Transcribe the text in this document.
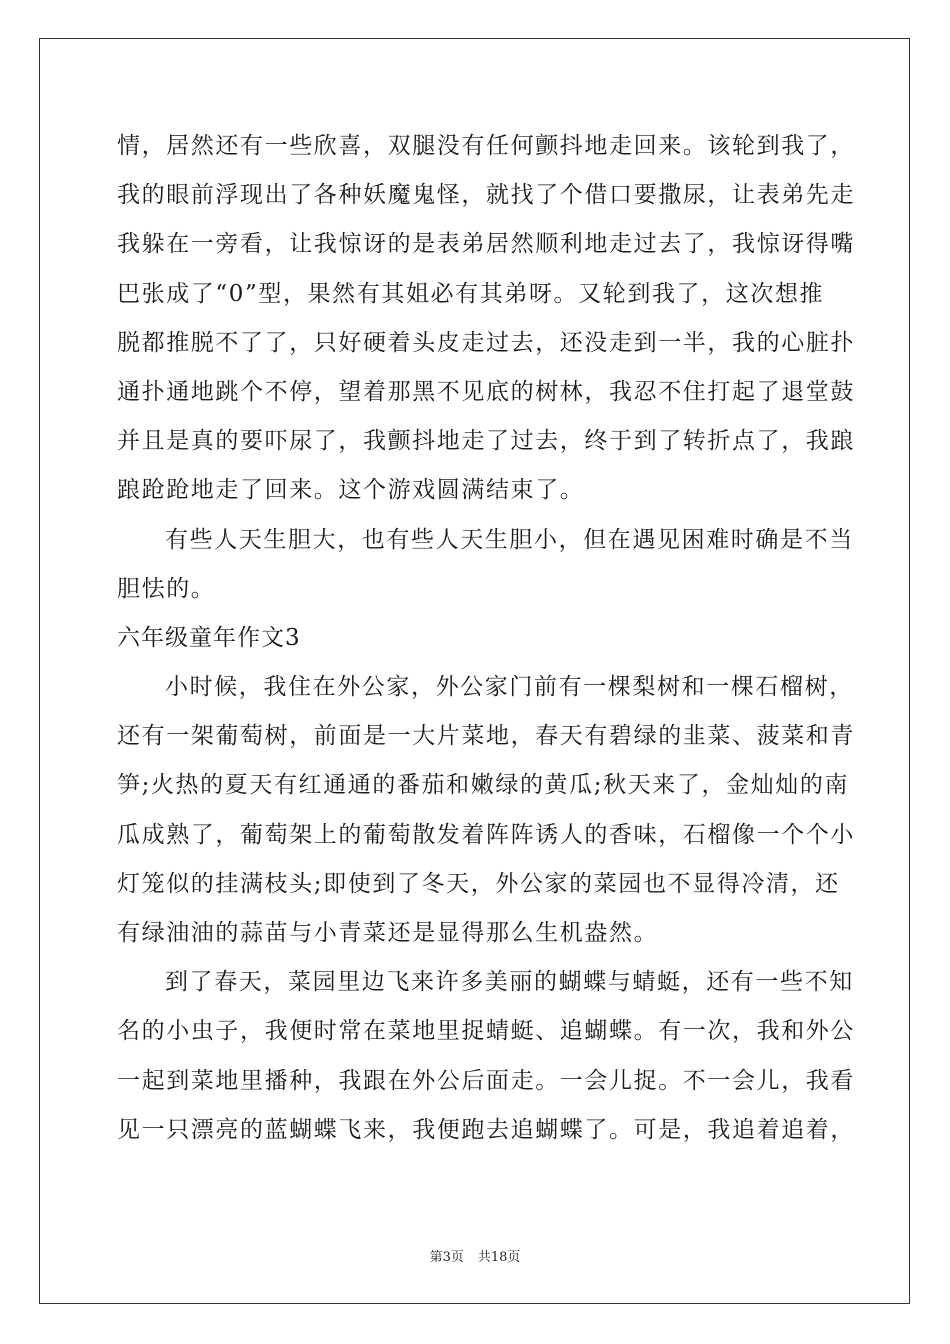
情，居然还有一些欣喜，双腿没有任何颤抖地走回来。该轮到我了，
我的眼前浮现出了各种妖魔鬼怪，就找了个借口要撒尿，让表弟先走
我躲在一旁看，让我惊讶的是表弟居然顺利地走过去了，我惊讶得嘴
巴张成了“0”型，果然有其姐必有其弟呀。又轮到我了，这次想推
脱都推脱不了了，只好硬着头皮走过去，还没走到一半，我的心脏扑
通扑通地跳个不停，望着那黑不见底的树林，我忍不住打起了退堂鼓
并且是真的要吓尿了，我颤抖地走了过去，终于到了转折点了，我踉
踉跄跄地走了回来。这个游戏圆满结束了。
有些人天生胆大，也有些人天生胆小，但在遇见困难时确是不当
胆怯的。
六年级童年作文3
小时候，我住在外公家，外公家门前有一棵梨树和一棵石榴树，
还有一架葡萄树，前面是一大片菜地，春天有碧绿的韭菜、菠菜和青
笋;火热的夏天有红通通的番茄和嫩绿的黄瓜;秋天来了，金灿灿的南
瓜成熟了，葡萄架上的葡萄散发着阵阵诱人的香味，石榴像一个个小
灯笼似的挂满枝头;即使到了冬天，外公家的菜园也不显得冷清，还
有绿油油的蒜苗与小青菜还是显得那么生机盎然。
到了春天，菜园里边飞来许多美丽的蝴蝶与蜻蜓，还有一些不知
名的小虫子，我便时常在菜地里捉蜻蜓、追蝴蝶。有一次，我和外公
一起到菜地里播种，我跟在外公后面走。一会儿捉。不一会儿，我看
见一只漂亮的蓝蝴蝶飞来，我便跑去追蝴蝶了。可是，我追着追着，
第3页 共18页
